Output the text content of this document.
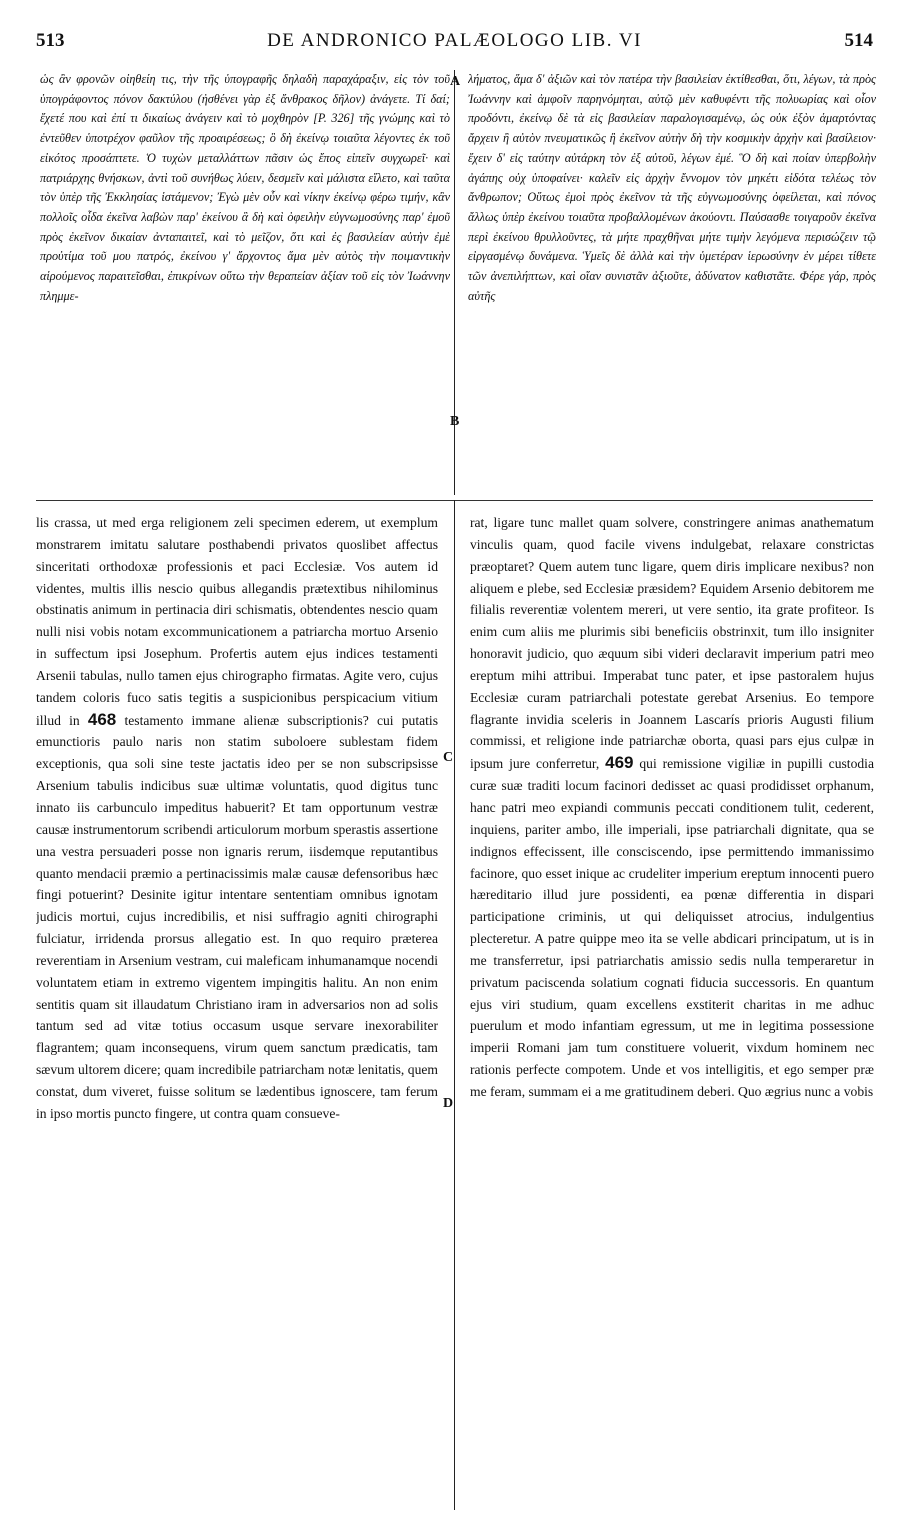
513	DE ANDRONICO PALÆOLOGO LIB. VI	514
A
B
C
D
ὡς ἂν φρονῶν οἰηθείη τις, τὴν τῆς ὑπογραφῆς δηλαδὴ παραχάραξιν, εἰς τὸν τοῦ ὑπογράφοντος πόνον δακτύλου (ἠσθένει γὰρ ἐξ ἄνθρακος δῆλον) ἀνάγετε. Τί δαί; ἔχετέ που καὶ ἐπί τι δικαίως ἀνάγειν καὶ τὸ μοχθηρὸν [P. 326] τῆς γνώμης καὶ τὸ ἐντεῦθεν ὑποτρέχον φαῦλον τῆς προαιρέσεως; ὃ δὴ ἐκείνῳ τοιαῦτα λέγοντες ἐκ τοῦ εἰκότος προσάπτετε. Ὁ τυχὼν μεταλλάττων πᾶσιν ὡς ἔπος εἰπεῖν συγχωρεῖ· καὶ πατριάρχης θνήσκων, ἀντὶ τοῦ συνήθως λύειν, δεσμεῖν καὶ μάλιστα εἵλετο, καὶ ταῦτα τὸν ὑπὲρ τῆς Ἐκκλησίας ἱστάμενον; Ἐγὼ μὲν οὖν καὶ νίκην ἐκείνῳ φέρω τιμήν, κἂν πολλοῖς οἶδα ἐκεῖνα λαβὼν παρ' ἐκείνου ἃ δὴ καὶ ὀφειλὴν εὐγνωμοσύνης παρ' ἐμοῦ πρὸς ἐκεῖνον δικαίαν ἀνταπαιτεῖ, καὶ τὸ μεῖζον, ὅτι καὶ ἐς βασιλείαν αὐτὴν ἐμὲ προὐτίμα τοῦ μου πατρός, ἐκείνου γ' ἄρχοντος ἅμα μὲν αὐτὸς τὴν ποιμαντικὴν αἱρούμενος παραιτεῖσθαι, ἐπικρίνων οὕτω τὴν θεραπείαν ἀξίαν τοῦ εἰς τὸν Ἰωάννην πλημμε-
λήματος, ἅμα δ' ἀξιῶν καὶ τὸν πατέρα τὴν βασιλείαν ἐκτίθεσθαι, ὅτι, λέγων, τὰ πρὸς Ἰωάννην καὶ ἀμφοῖν παρηνόμηται, αὐτῷ μὲν καθυφέντι τῆς πολυωρίας καὶ οἷον προδόντι, ἐκείνῳ δὲ τὰ εἰς βασιλείαν παραλογισαμένῳ, ὡς οὐκ ἐξὸν ἁμαρτόντας ἄρχειν ἢ αὐτὸν πνευματικῶς ἢ ἐκεῖνον αὐτὴν δὴ τὴν κοσμικὴν ἀρχὴν καὶ βασίλειον· ἔχειν δ' εἰς ταύτην αὐτάρκη τὸν ἐξ αὐτοῦ, λέγων ἐμέ. Ὃ δὴ καὶ ποίαν ὑπερβολὴν ἀγάπης οὐχ ὑποφαίνει· καλεῖν εἰς ἀρχὴν ἔννομον τὸν μηκέτι εἰδότα τελέως τὸν ἄνθρωπον; Οὕτως ἐμοὶ πρὸς ἐκεῖνον τὰ τῆς εὐγνωμοσύνης ὀφείλεται, καὶ πόνος ἄλλως ὑπὲρ ἐκείνου τοιαῦτα προβαλλομένων ἀκούοντι. Παύσασθε τοιγαροῦν ἐκεῖνα περὶ ἐκείνου θρυλλοῦντες, τὰ μήτε πραχθῆναι μήτε τιμὴν λεγόμενα περισώζειν τῷ εἰργασμένῳ δυνάμενα. Ὑμεῖς δὲ ἀλλὰ καὶ τὴν ὑμετέραν ἱερωσύνην ἐν μέρει τίθετε τῶν ἀνεπιλήπτων, καὶ οἵαν συνιστᾶν ἀξιοῦτε, ἀδύνατον καθιστᾶτε. Φέρε γάρ, πρὸς αὐτῆς
lis crassa, ut med erga religionem zeli specimen ederem, ut exemplum monstrarem imitatu salutare posthabendi privatos quoslibet affectus sinceritati orthodoxæ professionis et paci Ecclesiæ. Vos autem id videntes, multis illis nescio quibus allegandis prætextibus nihilominus obstinatis animum in pertinacia diri schismatis, obtendentes nescio quam nulli nisi vobis notam excommunicationem a patriarcha mortuo Arsenio in suffectum ipsi Josephum. Profertis autem ejus indices testamenti Arsenii tabulas, nullo tamen ejus chirographo firmatas. Agite vero, cujus tandem coloris fuco satis tegitis a suspicionibus perspicacium vitium illud in 468 testamento immane alienæ subscriptionis? cui putatis emunctioris paulo naris non statim suboloere sublestam fidem exceptionis, qua soli sine teste jactatis ideo per se non subscripsisse Arsenium tabulis indicibus suæ ultimæ voluntatis, quod digitus tunc innato iis carbunculo impeditus habuerit? Et tam opportunum vestræ causæ instrumentorum scribendi articulorum morbum sperastis assertione una vestra persuaderi posse non ignaris rerum, iisdemque reputantibus quanto mendacii præmio a pertinacissimis malæ causæ defensoribus hæc fingi potuerint? Desinite igitur intentare sententiam omnibus ignotam judicis mortui, cujus incredibilis, et nisi suffragio agniti chirographi fulciatur, irridenda prorsus allegatio est. In quo requiro præterea reverentiam in Arsenium vestram, cui maleficam inhumanamque nocendi voluntatem etiam in extremo vigentem impingitis halitu. An non enim sentitis quam sit illaudatum Christiano iram in adversarios non ad solis tantum sed ad vitæ totius occasum usque servare inexorabiliter flagrantem; quam inconsequens, virum quem sanctum prædicatis, tam sævum ultorem dicere; quam incredibile patriarcham notæ lenitatis, quem constat, dum viveret, fuisse solitum se lædentibus ignoscere, tam ferum in ipso mortis puncto fingere, ut contra quam consueve-
rat, ligare tunc mallet quam solvere, constringere animas anathematum vinculis quam, quod facile vivens indulgebat, relaxare constrictas præoptaret? Quem autem tunc ligare, quem diris implicare nexibus? non aliquem e plebe, sed Ecclesiæ præsidem? Equidem Arsenio debitorem me filialis reverentiæ volentem mereri, ut vere sentio, ita grate profiteor. Is enim cum aliis me plurimis sibi beneficiis obstrinxit, tum illo insigniter honoravit judicio, quo æquum sibi videri declaravit imperium patri meo ereptum mihi attribui. Imperabat tunc pater, et ipse pastoralem hujus Ecclesiæ curam patriarchali potestate gerebat Arsenius. Eo tempore flagrante invidia sceleris in Joannem Lascarís prioris Augusti filium commissi, et religione inde patriarchæ oborta, quasi pars ejus culpæ in ipsum jure conferretur, 469 qui remissione vigiliæ in pupilli custodia curæ suæ traditi locum facinori dedisset ac quasi prodidisset orphanum, hanc patri meo expiandi communis peccati conditionem tulit, cederent, inquiens, pariter ambo, ille imperiali, ipse patriarchali dignitate, qua se indignos effecissent, ille consciscendo, ipse permittendo immanissimo facinore, quo esset inique ac crudeliter imperium ereptum innocenti puero hæreditario illud jure possidenti, ea pœnæ differentia in dispari participatione criminis, ut qui deliquisset atrocius, indulgentius plecteretur. A patre quippe meo ita se velle abdicari principatum, ut is in me transferretur, ipsi patriarchatis amissio sedis nulla temperaretur in privatum paciscenda solatium cognati fiducia successoris. En quantum ejus viri studium, quam excellens exstiterit charitas in me adhuc puerulum et modo infantiam egressum, ut me in legitima possessione imperii Romani jam tum constituere voluerit, vixdum hominem nec rationis perfecte compotem. Unde et vos intelligitis, et ego semper præ me feram, summam ei a me gratitudinem deberi. Quo ægrius nunc a vobis
